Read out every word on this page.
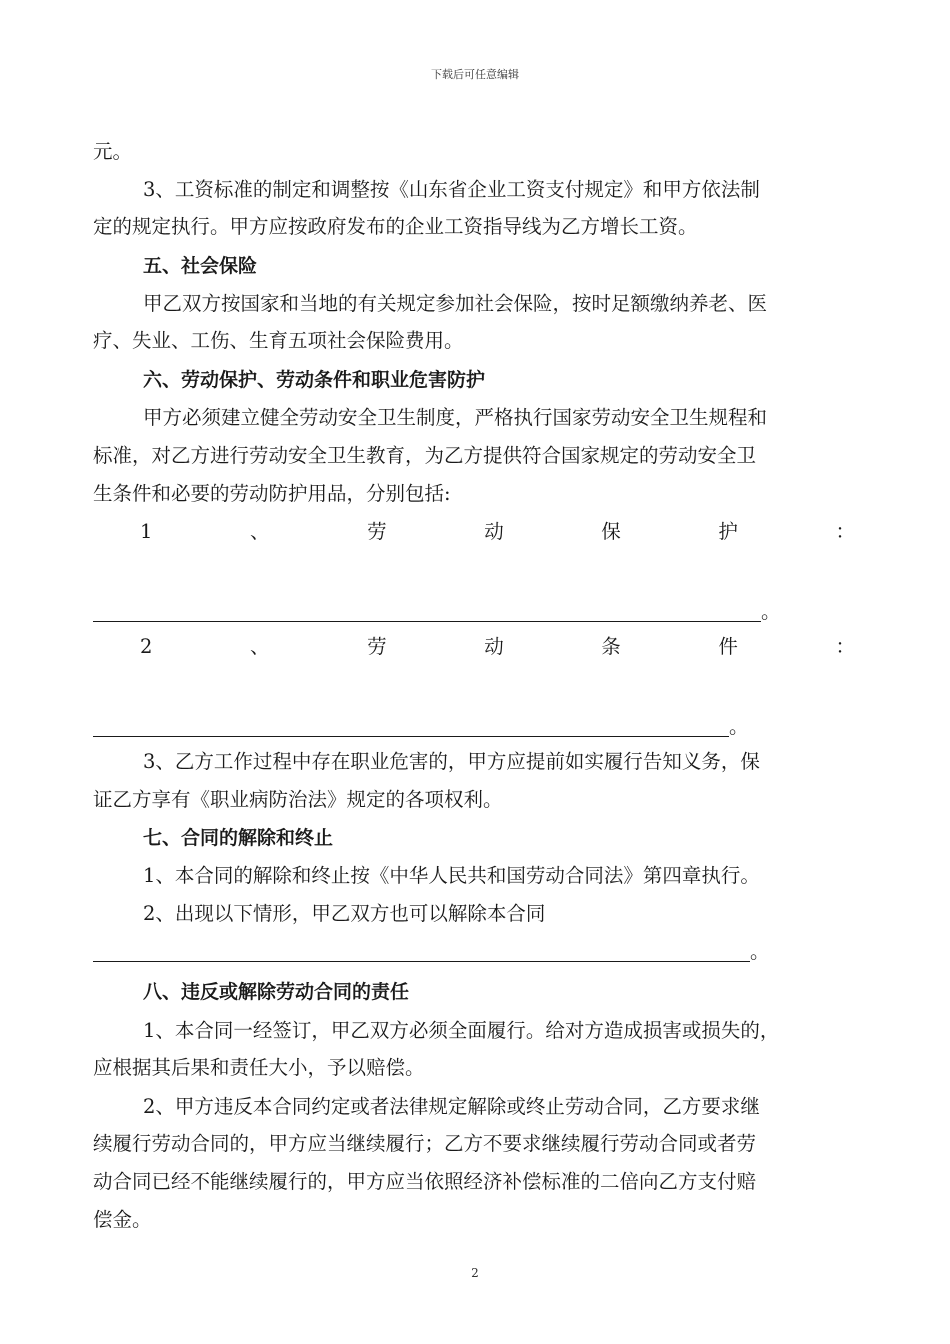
下载后可任意编辑
元。
3、工资标准的制定和调整按《山东省企业工资支付规定》和甲方依法制
定的规定执行。甲方应按政府发布的企业工资指导线为乙方增长工资。
五、社会保险
甲乙双方按国家和当地的有关规定参加社会保险，按时足额缴纳养老、医
疗、失业、工伤、生育五项社会保险费用。
六、劳动保护、劳动条件和职业危害防护
甲方必须建立健全劳动安全卫生制度，严格执行国家劳动安全卫生规程和
标准，对乙方进行劳动安全卫生教育，为乙方提供符合国家规定的劳动安全卫
生条件和必要的劳动防护用品，分别包括:
1	、	劳	动	保	护	：
。
2	、	劳	动	条	件	：
。
3、乙方工作过程中存在职业危害的，甲方应提前如实履行告知义务，保
证乙方享有《职业病防治法》规定的各项权利。
七、合同的解除和终止
1、本合同的解除和终止按《中华人民共和国劳动合同法》第四章执行。
2、出现以下情形，甲乙双方也可以解除本合同
。
八、违反或解除劳动合同的责任
1、本合同一经签订，甲乙双方必须全面履行。给对方造成损害或损失的，
应根据其后果和责任大小，予以赔偿。
2、甲方违反本合同约定或者法律规定解除或终止劳动合同，乙方要求继
续履行劳动合同的，甲方应当继续履行；乙方不要求继续履行劳动合同或者劳
动合同已经不能继续履行的，甲方应当依照经济补偿标准的二倍向乙方支付赔
偿金。
2
